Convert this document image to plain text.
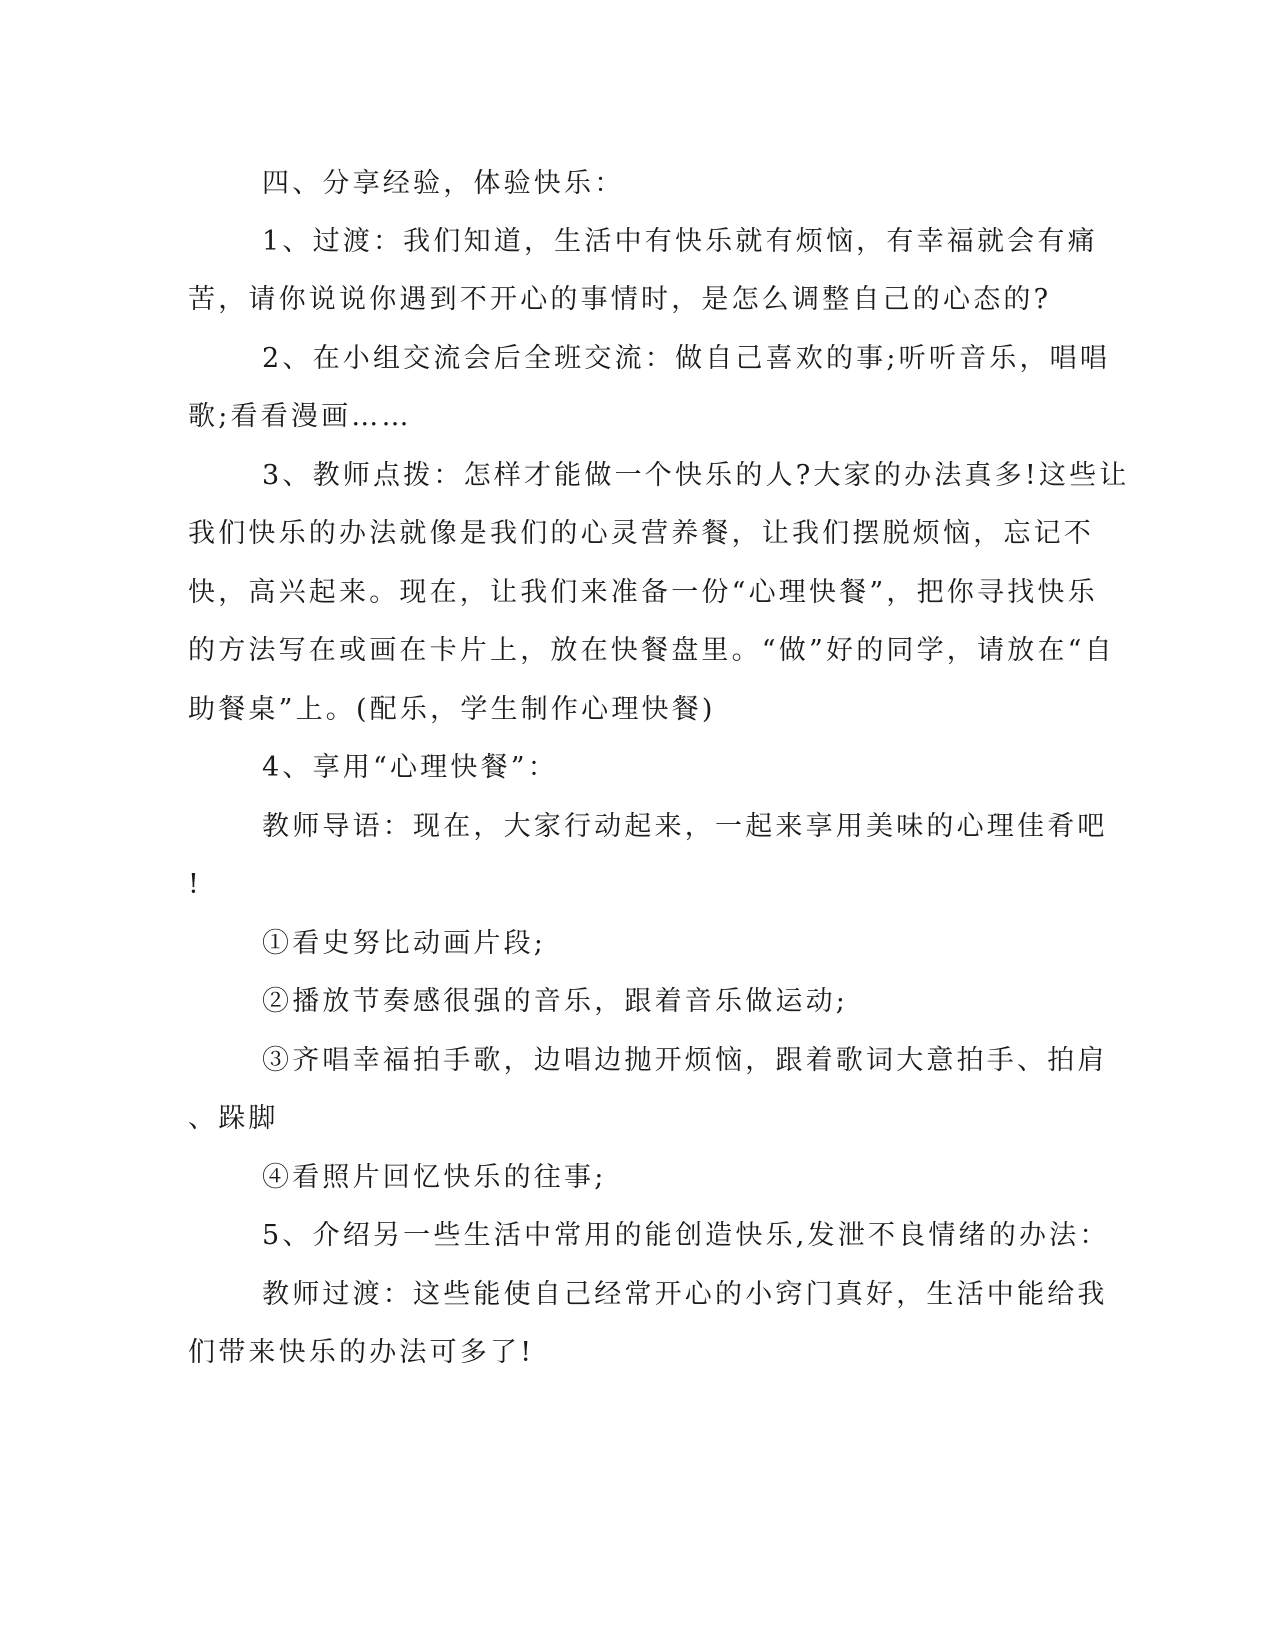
四、分享经验，体验快乐：
1、过渡：我们知道，生活中有快乐就有烦恼，有幸福就会有痛
苦，请你说说你遇到不开心的事情时，是怎么调整自己的心态的?
2、在小组交流会后全班交流：做自己喜欢的事;听听音乐，唱唱
歌;看看漫画……
3、教师点拨：怎样才能做一个快乐的人?大家的办法真多!这些让
我们快乐的办法就像是我们的心灵营养餐，让我们摆脱烦恼，忘记不
快，高兴起来。现在，让我们来准备一份“心理快餐”，把你寻找快乐
的方法写在或画在卡片上，放在快餐盘里。“做”好的同学，请放在“自
助餐桌”上。(配乐，学生制作心理快餐)
4、享用“心理快餐”：
教师导语：现在，大家行动起来，一起来享用美味的心理佳肴吧
!
①看史努比动画片段;
②播放节奏感很强的音乐，跟着音乐做运动;
③齐唱幸福拍手歌，边唱边抛开烦恼，跟着歌词大意拍手、拍肩
、跺脚
④看照片回忆快乐的往事;
5、介绍另一些生活中常用的能创造快乐,发泄不良情绪的办法：
教师过渡：这些能使自己经常开心的小窍门真好，生活中能给我
们带来快乐的办法可多了!
